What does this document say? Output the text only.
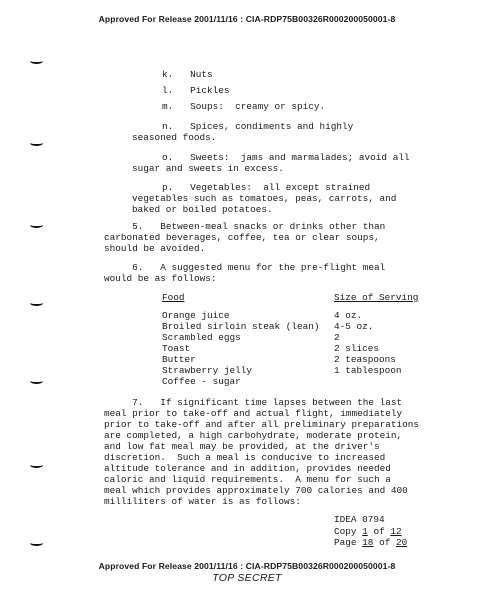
Approved For Release 2001/11/16 : CIA-RDP75B00326R000200050001-8
k. Nuts
l. Pickles
m. Soups:  creamy or spicy.
n. Spices, condiments and highly
seasoned foods.
o. Sweets:  jams and marmalades; avoid all
sugar and sweets in excess.
p. Vegetables:  all except strained
vegetables such as tomatoes, peas, carrots, and
baked or boiled potatoes.
5.   Between-meal snacks or drinks other than
carbonated beverages, coffee, tea or clear soups,
should be avoided.
6.   A suggested menu for the pre-flight meal
would be as follows:
Food	Size of Serving
Orange juice	4 oz.
Broiled sirloin steak (lean) 4-5 oz.
Scrambled eggs	2
Toast	2 slices
Butter	2 teaspoons
Strawberry jelly	1 tablespoon
Coffee - sugar
7.   If significant time lapses between the last
meal prior to take-off and actual flight, immediately
prior to take-off and after all preliminary preparations
are completed, a high carbohydrate, moderate protein,
and low fat meal may be provided, at the driver's
discretion.  Such a meal is conducive to increased
altitude tolerance and in addition, provides needed
caloric and liquid requirements.  A menu for such a
meal which provides approximately 700 calories and 400
milliliters of water is as follows:
IDEA 0794
Copy 1 of 12
Page 18 of 20
Approved For Release 2001/11/16 : CIA-RDP75B00326R000200050001-8
TOP SECRET
